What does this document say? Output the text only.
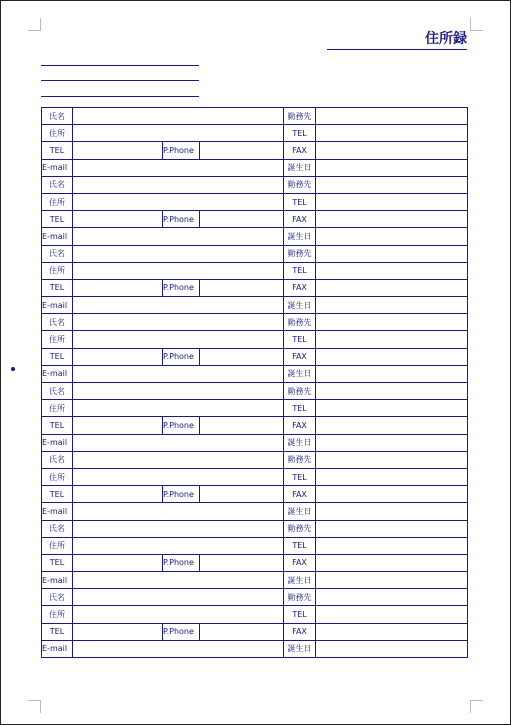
住所録
氏名				勤務先	
住所				TEL	
TEL		P.Phone		FAX	
E-mail				誕生日	
氏名				勤務先	
住所				TEL	
TEL		P.Phone		FAX	
E-mail				誕生日	
氏名				勤務先	
住所				TEL	
TEL		P.Phone		FAX	
E-mail				誕生日	
氏名				勤務先	
住所				TEL	
TEL		P.Phone		FAX	
E-mail				誕生日	
氏名				勤務先	
住所				TEL	
TEL		P.Phone		FAX	
E-mail				誕生日	
氏名				勤務先	
住所				TEL	
TEL		P.Phone		FAX	
E-mail				誕生日	
氏名				勤務先	
住所				TEL	
TEL		P.Phone		FAX	
E-mail				誕生日	
氏名				勤務先	
住所				TEL	
TEL		P.Phone		FAX	
E-mail				誕生日	
